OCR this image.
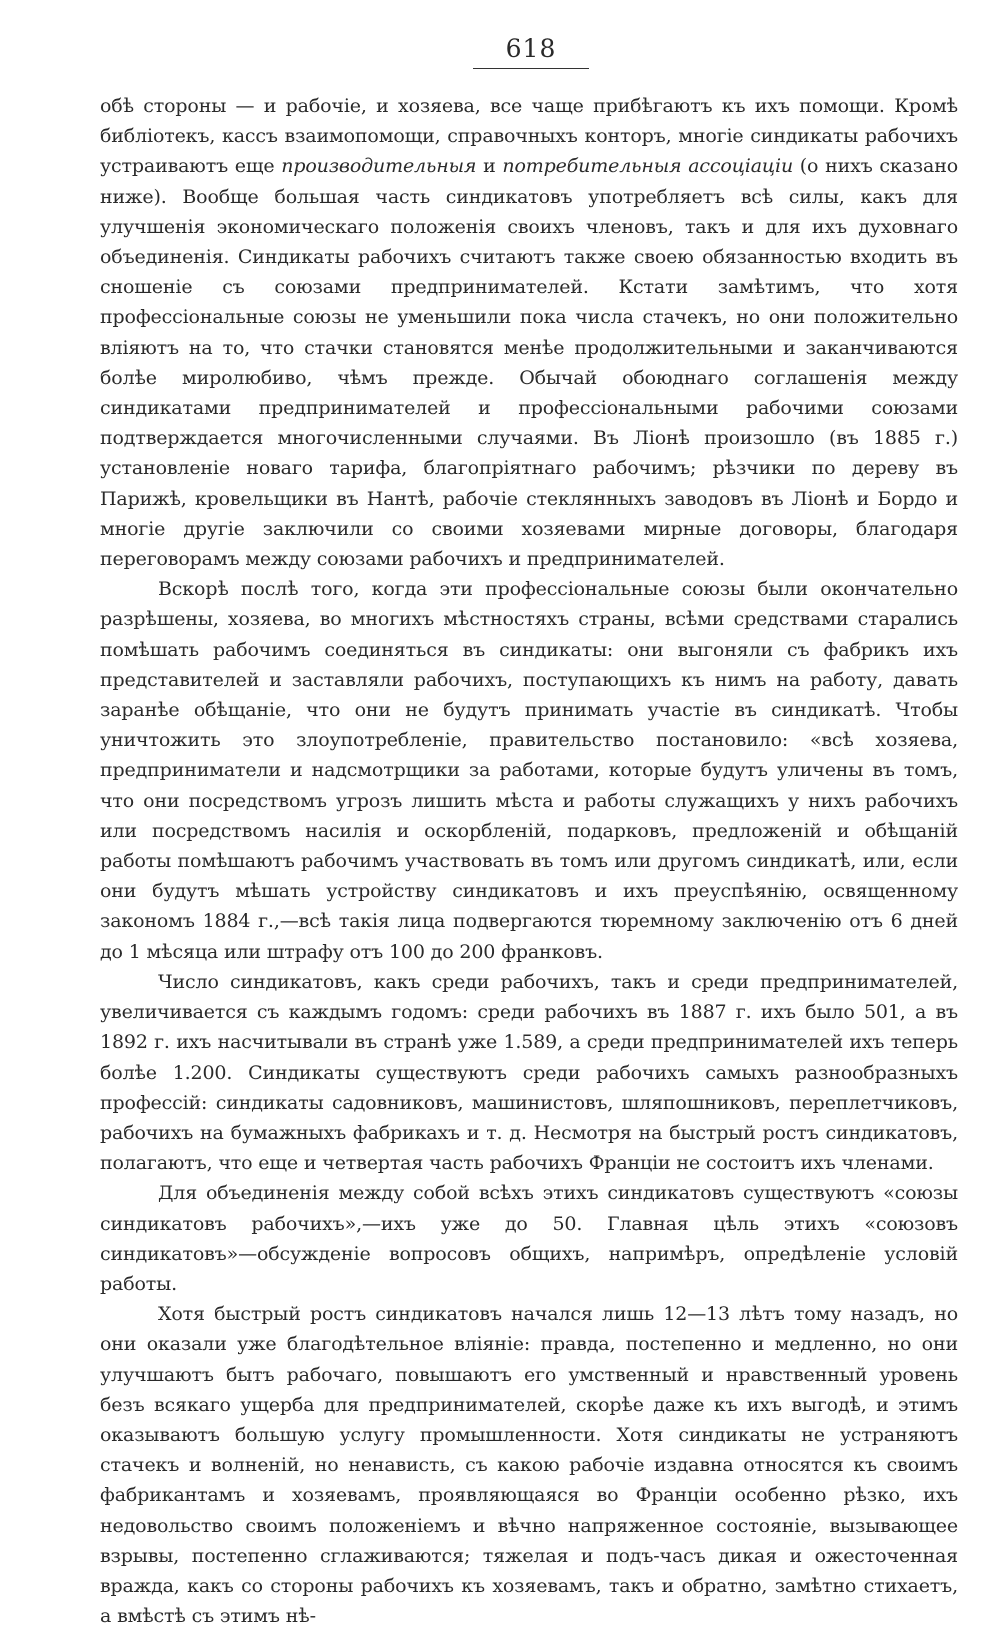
618

обѣ стороны — и рабочіе, и хозяева, все чаще прибѣгаютъ къ ихъ помощи. Кромѣ библіотекъ, кассъ взаимопомощи, справочныхъ конторъ, многіе синдикаты рабочихъ устраиваютъ еще производительныя и потребительныя ассоціаціи (о нихъ сказано ниже). Вообще большая часть синдикатовъ употребляетъ всѣ силы, какъ для улучшенія экономическаго положенія своихъ членовъ, такъ и для ихъ духовнаго объединенія. Синдикаты рабочихъ считаютъ также своею обязанностью входить въ сношеніе съ союзами предпринимателей. Кстати замѣтимъ, что хотя профессіональные союзы не уменьшили пока числа стачекъ, но они положительно вліяютъ на то, что стачки становятся менѣе продолжительными и заканчиваются болѣе миролюбиво, чѣмъ прежде. Обычай обоюднаго соглашенія между синдикатами предпринимателей и профессіональными рабочими союзами подтверждается многочисленными случаями. Въ Ліонѣ произошло (въ 1885 г.) установленіе новаго тарифа, благопріятнаго рабочимъ; рѣзчики по дереву въ Парижѣ, кровельщики въ Нантѣ, рабочіе стеклянныхъ заводовъ въ Ліонѣ и Бордо и многіе другіе заключили со своими хозяевами мирные договоры, благодаря переговорамъ между союзами рабочихъ и предпринимателей.

Вскорѣ послѣ того, когда эти профессіональные союзы были окончательно разрѣшены, хозяева, во многихъ мѣстностяхъ страны, всѣми средствами старались помѣшать рабочимъ соединяться въ синдикаты: они выгоняли съ фабрикъ ихъ представителей и заставляли рабочихъ, поступающихъ къ нимъ на работу, давать заранѣе обѣщаніе, что они не будутъ принимать участіе въ синдикатѣ. Чтобы уничтожить это злоупотребленіе, правительство постановило: «всѣ хозяева, предприниматели и надсмотрщики за работами, которые будутъ уличены въ томъ, что они посредствомъ угрозъ лишить мѣста и работы служащихъ у нихъ рабочихъ или посредствомъ насилія и оскорбленій, подарковъ, предложеній и обѣщаній работы помѣшаютъ рабочимъ участвовать въ томъ или другомъ синдикатѣ, или, если они будутъ мѣшать устройству синдикатовъ и ихъ преуспѣянію, освященному закономъ 1884 г.,—всѣ такія лица подвергаются тюремному заключенію отъ 6 дней до 1 мѣсяца или штрафу отъ 100 до 200 франковъ.

Число синдикатовъ, какъ среди рабочихъ, такъ и среди предпринимателей, увеличивается съ каждымъ годомъ: среди рабочихъ въ 1887 г. ихъ было 501, а въ 1892 г. ихъ насчитывали въ странѣ уже 1.589, а среди предпринимателей ихъ теперь болѣе 1.200. Синдикаты существуютъ среди рабочихъ самыхъ разнообразныхъ профессій: синдикаты садовниковъ, машинистовъ, шляпошниковъ, переплетчиковъ, рабочихъ на бумажныхъ фабрикахъ и т. д. Несмотря на быстрый ростъ синдикатовъ, полагаютъ, что еще и четвертая часть рабочихъ Франціи не состоитъ ихъ членами.

Для объединенія между собой всѣхъ этихъ синдикатовъ существуютъ «союзы синдикатовъ рабочихъ»,—ихъ уже до 50. Главная цѣль этихъ «союзовъ синдикатовъ»—обсужденіе вопросовъ общихъ, напримѣръ, опредѣленіе условій работы.

Хотя быстрый ростъ синдикатовъ начался лишь 12—13 лѣтъ тому назадъ, но они оказали уже благодѣтельное вліяніе: правда, постепенно и медленно, но они улучшаютъ бытъ рабочаго, повышаютъ его умственный и нравственный уровень безъ всякаго ущерба для предпринимателей, скорѣе даже къ ихъ выгодѣ, и этимъ оказываютъ большую услугу промышленности. Хотя синдикаты не устраняютъ стачекъ и волненій, но ненависть, съ какою рабочіе издавна относятся къ своимъ фабрикантамъ и хозяевамъ, проявляющаяся во Франціи особенно рѣзко, ихъ недовольство своимъ положеніемъ и вѣчно напряженное состояніе, вызывающее взрывы, постепенно сглаживаются; тяжелая и подъ-часъ дикая и ожесточенная вражда, какъ со стороны рабочихъ къ хозяевамъ, такъ и обратно, замѣтно стихаетъ, а вмѣстѣ съ этимъ нѣ-
